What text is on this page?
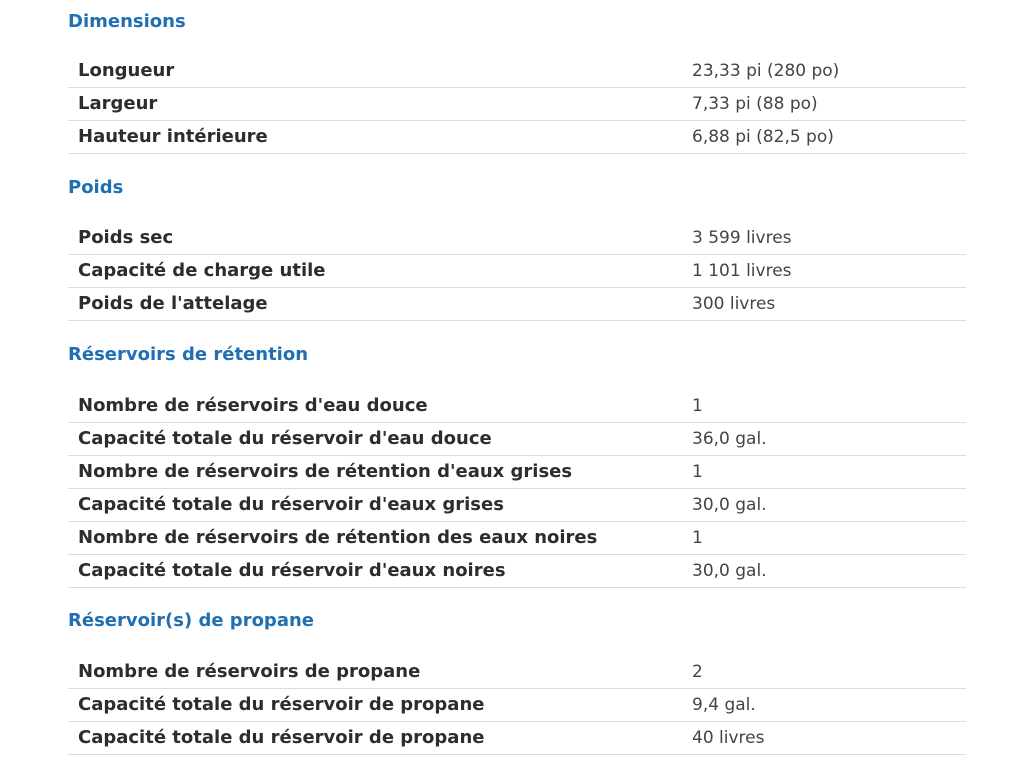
Dimensions
Longueur	23,33 pi (280 po)
Largeur	7,33 pi (88 po)
Hauteur intérieure	6,88 pi (82,5 po)
Poids
Poids sec	3 599 livres
Capacité de charge utile	1 101 livres
Poids de l'attelage	300 livres
Réservoirs de rétention
Nombre de réservoirs d'eau douce	1
Capacité totale du réservoir d'eau douce	36,0 gal.
Nombre de réservoirs de rétention d'eaux grises	1
Capacité totale du réservoir d'eaux grises	30,0 gal.
Nombre de réservoirs de rétention des eaux noires	1
Capacité totale du réservoir d'eaux noires	30,0 gal.
Réservoir(s) de propane
Nombre de réservoirs de propane	2
Capacité totale du réservoir de propane	9,4 gal.
Capacité totale du réservoir de propane	40 livres
